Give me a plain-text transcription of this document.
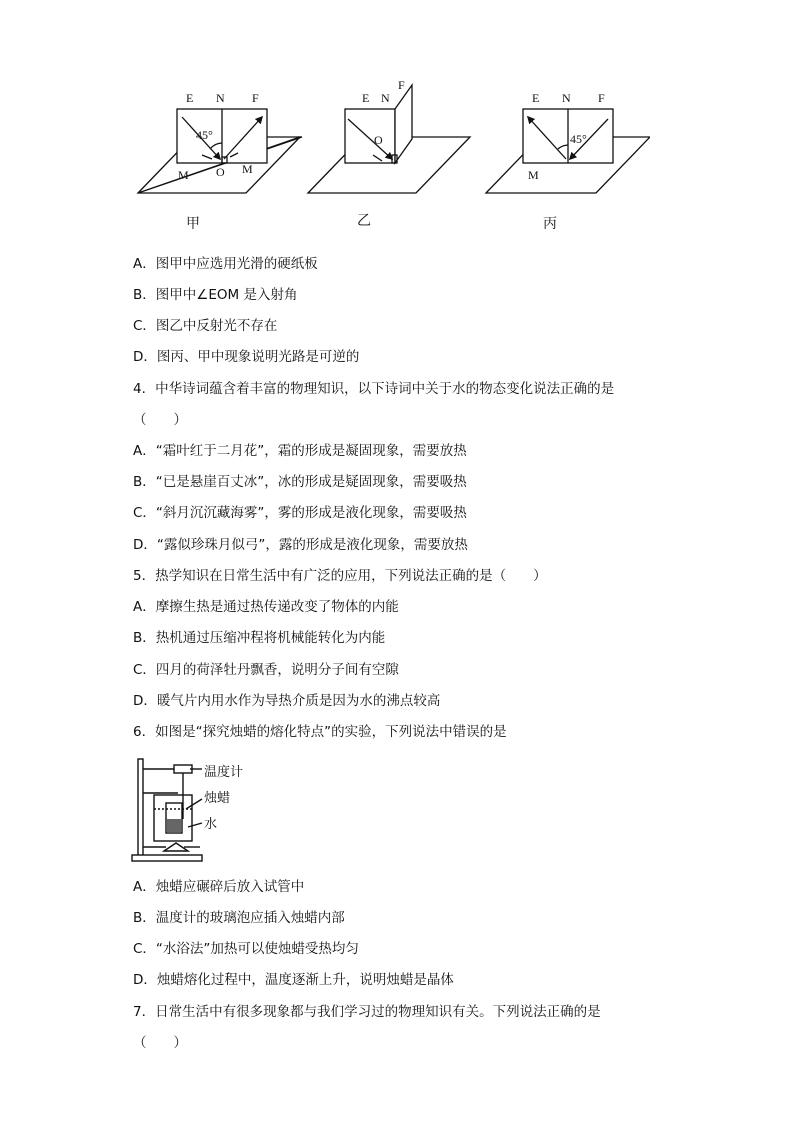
E N F
45°
O
M	M
E N
F
O
E N F
45°
M
甲	乙	丙
A．图甲中应选用光滑的硬纸板
B．图甲中∠EOM 是入射角
C．图乙中反射光不存在
D．图丙、甲中现象说明光路是可逆的
4．中华诗词蕴含着丰富的物理知识，以下诗词中关于水的物态变化说法正确的是
（　　）
A．“霜叶红于二月花”，霜的形成是凝固现象，需要放热
B．“已是悬崖百丈冰”，冰的形成是疑固现象，需要吸热
C．“斜月沉沉藏海雾”，雾的形成是液化现象，需要吸热
D．“露似珍珠月似弓”，露的形成是液化现象，需要放热
5．热学知识在日常生活中有广泛的应用，下列说法正确的是（　　）
A．摩擦生热是通过热传递改变了物体的内能
B．热机通过压缩冲程将机械能转化为内能
C．四月的荷泽牡丹飘香，说明分子间有空隙
D．暖气片内用水作为导热介质是因为水的沸点较高
6．如图是“探究烛蜡的熔化特点”的实验，下列说法中错误的是
温度计
烛蜡
水
A．烛蜡应碾碎后放入试管中
B．温度计的玻璃泡应插入烛蜡内部
C．“水浴法”加热可以使烛蜡受热均匀
D．烛蜡熔化过程中，温度逐渐上升，说明烛蜡是晶体
7．日常生活中有很多现象都与我们学习过的物理知识有关。下列说法正确的是
（　　）
